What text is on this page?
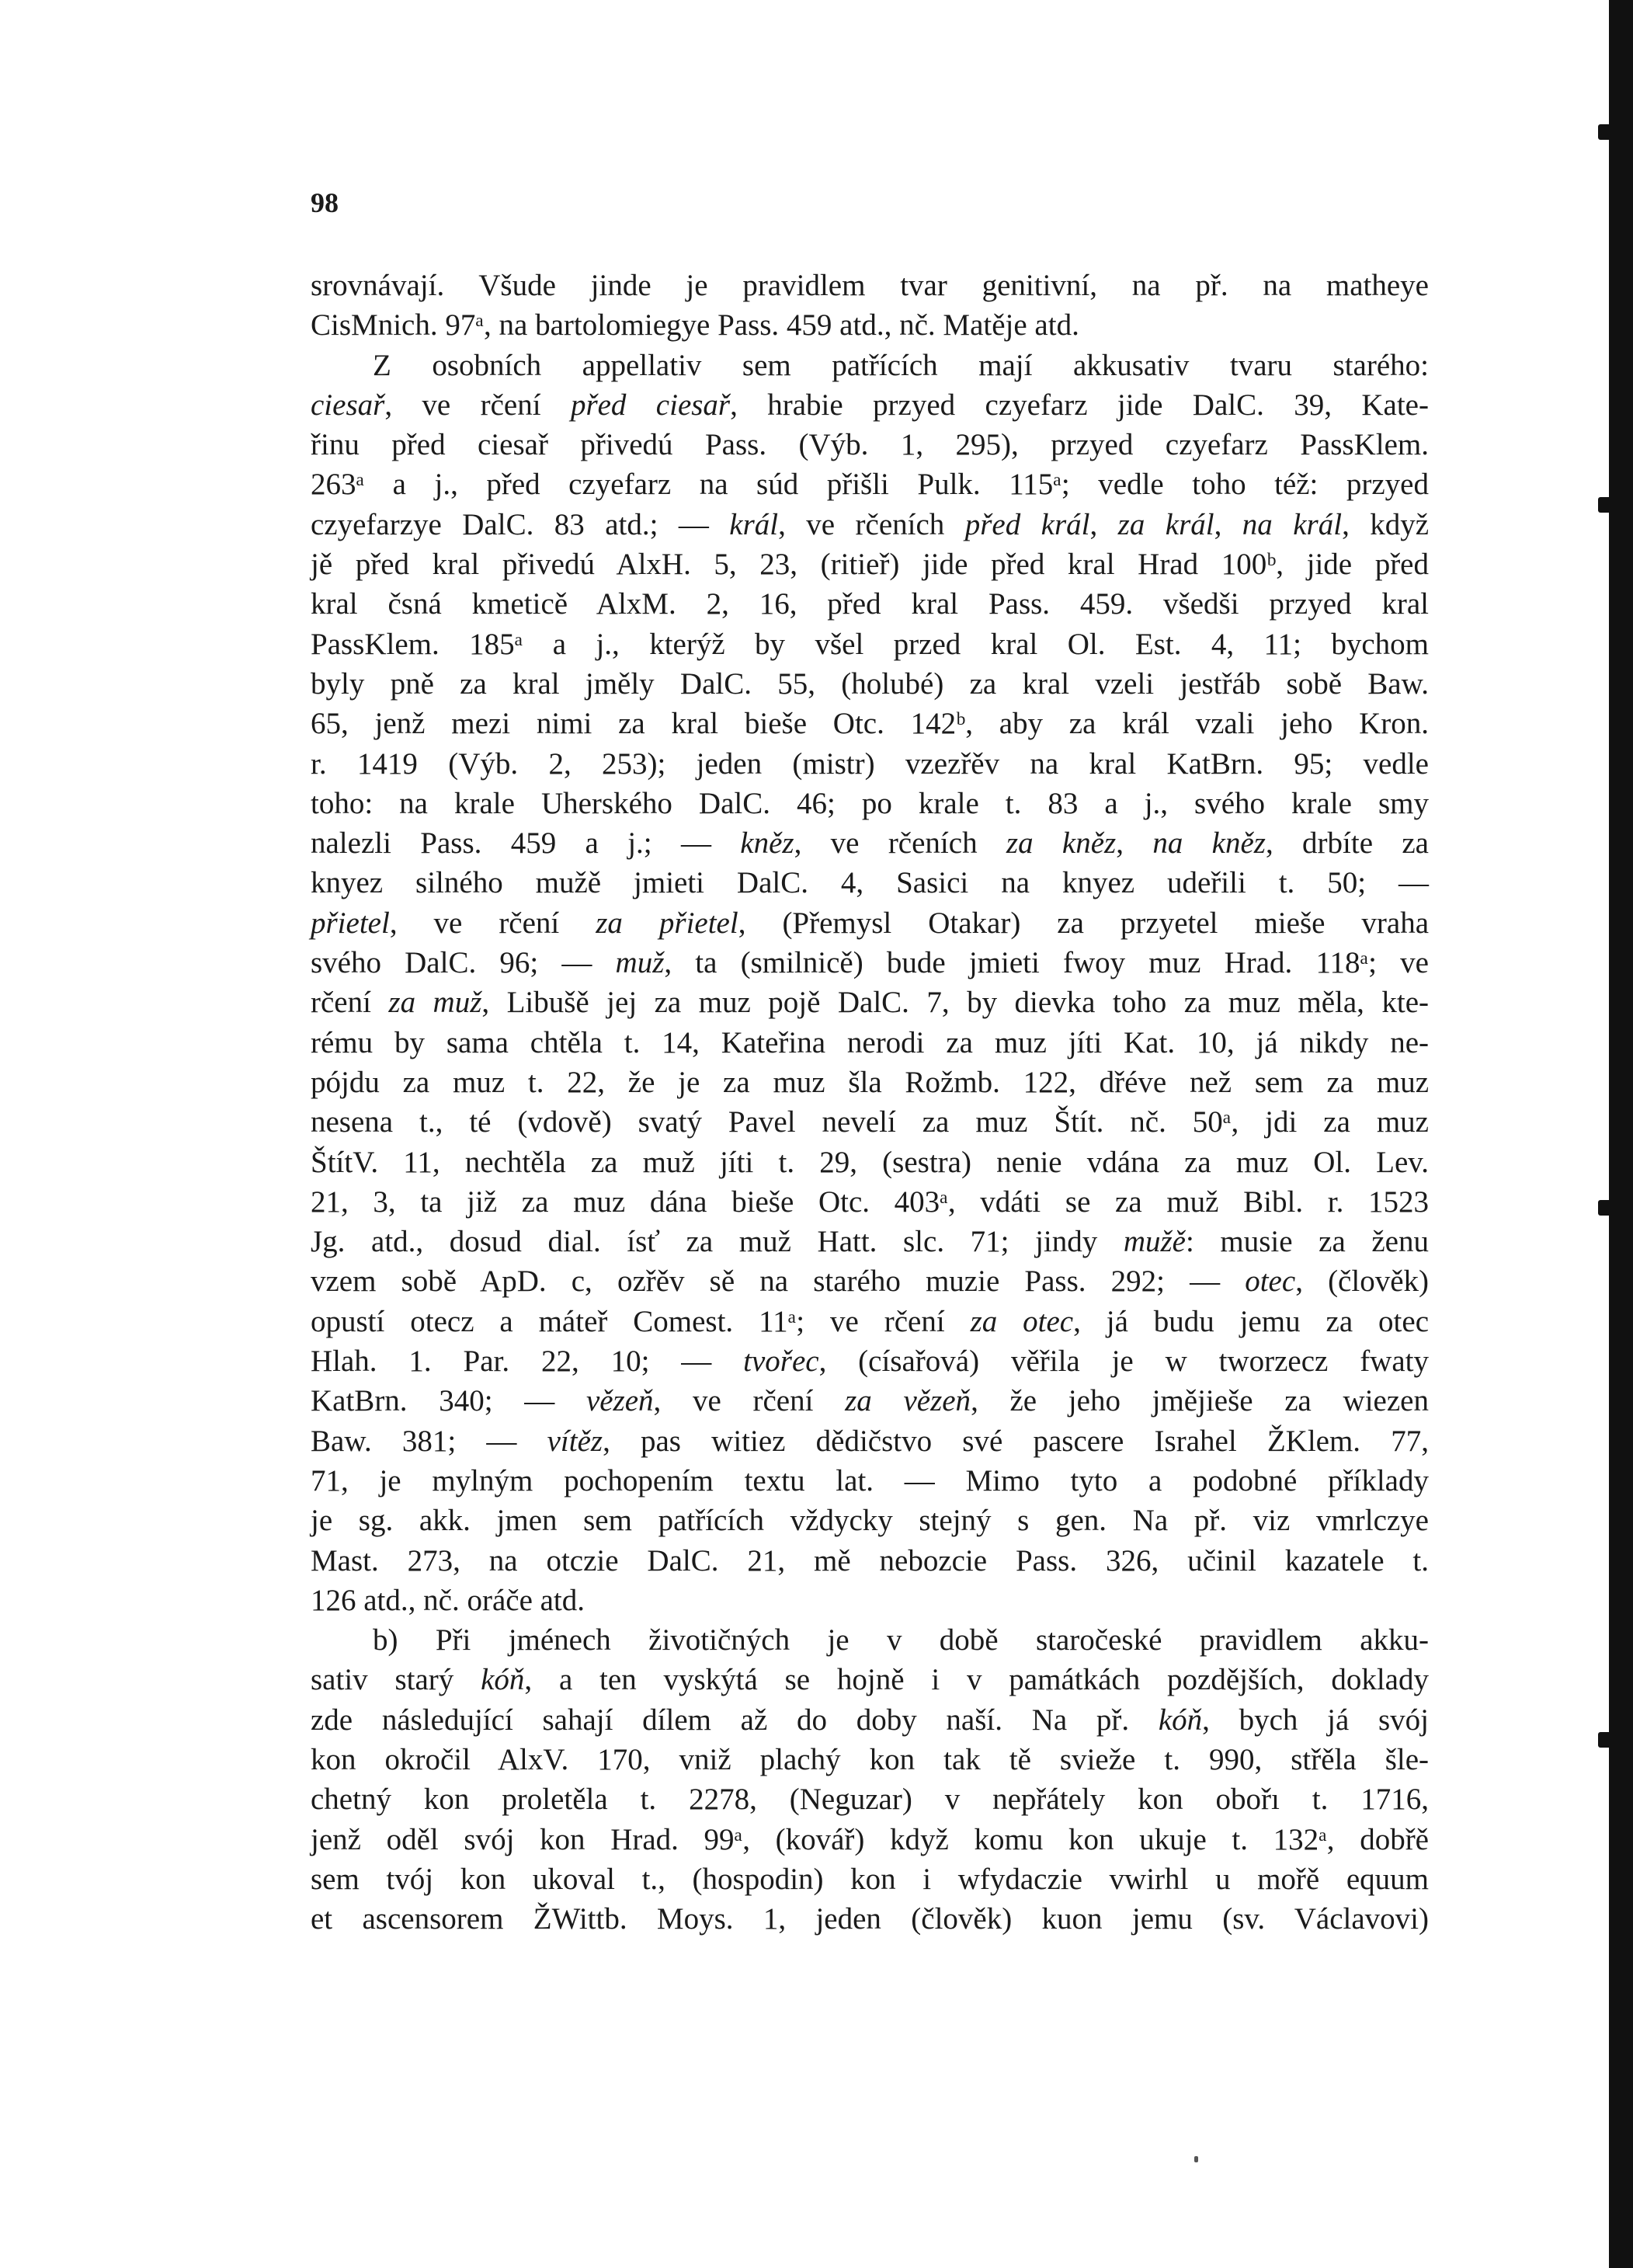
98
srovnávají. Všude jinde je pravidlem tvar genitivní, na př. na matheye
CisMnich. 97ᵃ, na bartolomiegye Pass. 459 atd., nč. Matěje atd.
Z osobních appellativ sem patřících mají akkusativ tvaru starého:
ciesař, ve rčení před ciesař, hrabie przyed czyefarz jide DalC. 39, Kate-
řinu před ciesař přivedú Pass. (Výb. 1, 295), przyed czyefarz PassKlem.
263ᵃ a j., před czyefarz na súd přišli Pulk. 115ᵃ; vedle toho též: przyed
czyefarzye DalC. 83 atd.; — král, ve rčeních před král, za král, na král, když
jě před kral přivedú AlxH. 5, 23, (ritieř) jide před kral Hrad 100ᵇ, jide před
kral čsná kmeticě AlxM. 2, 16, před kral Pass. 459. všedši przyed kral
PassKlem. 185ᵃ a j., kterýž by všel przed kral Ol. Est. 4, 11; bychom
byly pně za kral jměly DalC. 55, (holubé) za kral vzeli jestřáb sobě Baw.
65, jenž mezi nimi za kral bieše Otc. 142ᵇ, aby za král vzali jeho Kron.
r. 1419 (Výb. 2, 253); jeden (mistr) vzezřěv na kral KatBrn. 95; vedle
toho: na krale Uherského DalC. 46; po krale t. 83 a j., svého krale smy
nalezli Pass. 459 a j.; — kněz, ve rčeních za kněz, na kněz, drbíte za
knyez silného mužě jmieti DalC. 4, Sasici na knyez udeřili t. 50; —
přietel, ve rčení za přietel, (Přemysl Otakar) za przyetel mieše vraha
svého DalC. 96; — muž, ta (smilnicě) bude jmieti fwoy muz Hrad. 118ᵃ; ve
rčení za muž, Libušě jej za muz pojě DalC. 7, by dievka toho za muz měla, kte-
rému by sama chtěla t. 14, Kateřina nerodi za muz jíti Kat. 10, já nikdy ne-
pójdu za muz t. 22, že je za muz šla Rožmb. 122, dřéve než sem za muz
nesena t., té (vdově) svatý Pavel nevelí za muz Štít. nč. 50ᵃ, jdi za muz
ŠtítV. 11, nechtěla za muž jíti t. 29, (sestra) nenie vdána za muz Ol. Lev.
21, 3, ta již za muz dána bieše Otc. 403ᵃ, vdáti se za muž Bibl. r. 1523
Jg. atd., dosud dial. ísť za muž Hatt. slc. 71; jindy mužě: musie za ženu
vzem sobě ApD. c, ozřěv sě na starého muzie Pass. 292; — otec, (člověk)
opustí otecz a máteř Comest. 11ᵃ; ve rčení za otec, já budu jemu za otec
Hlah. 1. Par. 22, 10; — tvořec, (císařová) věřila je w tworzecz fwaty
KatBrn. 340; — vězeň, ve rčení za vězeň, že jeho jmějieše za wiezen
Baw. 381; — vítěz, pas witiez dědičstvo své pascere Israhel ŽKlem. 77,
71, je mylným pochopením textu lat. — Mimo tyto a podobné příklady
je sg. akk. jmen sem patřících vždycky stejný s gen. Na př. viz vmrlczye
Mast. 273, na otczie DalC. 21, mě nebozcie Pass. 326, učinil kazatele t.
126 atd., nč. oráče atd.
b) Při jménech životičných je v době staročeské pravidlem akku-
sativ starý kóň, a ten vyskýtá se hojně i v památkách pozdějších, doklady
zde následující sahají dílem až do doby naší. Na př. kóň, bych já svój
kon okročil AlxV. 170, vniž plachý kon tak tě svieže t. 990, střěla šle-
chetný kon proletěla t. 2278, (Neguzar) v nepřátely kon obořı t. 1716,
jenž oděl svój kon Hrad. 99ᵃ, (kovář) když komu kon ukuje t. 132ᵃ, dobřě
sem tvój kon ukoval t., (hospodin) kon i wfydaczie vwirhl u mořě equum
et ascensorem ŽWittb. Moys. 1, jeden (člověk) kuon jemu (sv. Václavovi)
